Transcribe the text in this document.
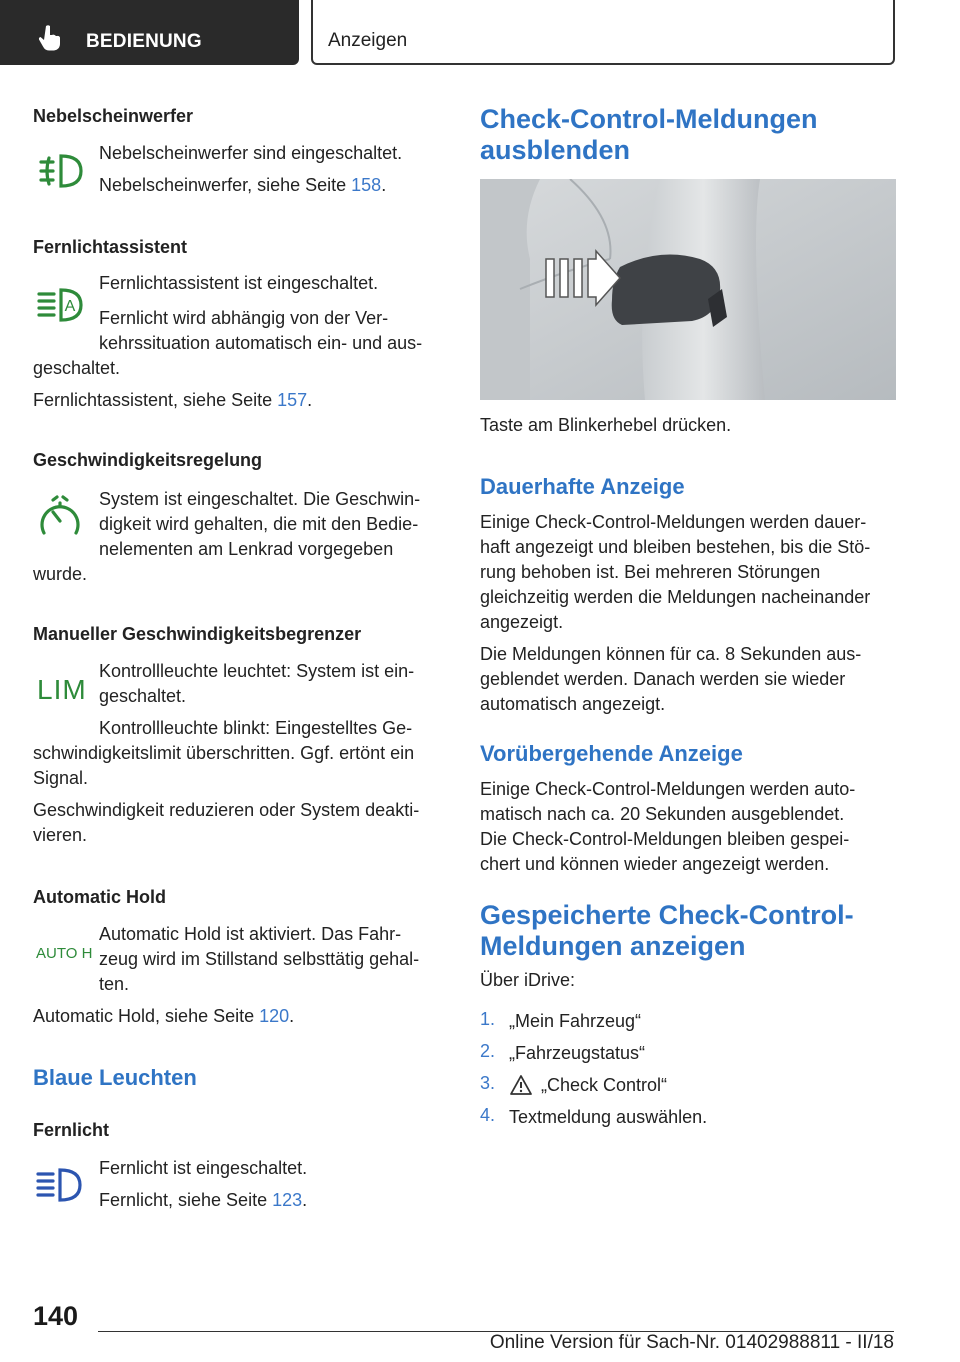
BEDIENUNG	Anzeigen
Nebelscheinwerfer
Nebelscheinwerfer sind eingeschaltet.
Nebelscheinwerfer, siehe Seite 158.
Fernlichtassistent
A
Fernlichtassistent ist eingeschaltet.
Fernlicht wird abhängig von der Ver‐
kehrssituation automatisch ein- und aus‐
geschaltet.
Fernlichtassistent, siehe Seite 157.
Geschwindigkeitsregelung
System ist eingeschaltet. Die Geschwin‐
digkeit wird gehalten, die mit den Bedie‐
nelementen am Lenkrad vorgegeben
wurde.
Manueller Geschwindigkeitsbegrenzer
LIM
Kontrollleuchte leuchtet: System ist ein‐
geschaltet.
Kontrollleuchte blinkt: Eingestelltes Ge‐
schwindigkeitslimit überschritten. Ggf. ertönt ein
Signal.
Geschwindigkeit reduzieren oder System deakti‐
vieren.
Automatic Hold
AUTO H
Automatic Hold ist aktiviert. Das Fahr‐
zeug wird im Stillstand selbsttätig gehal‐
ten.
Automatic Hold, siehe Seite 120.
Blaue Leuchten
Fernlicht
Fernlicht ist eingeschaltet.
Fernlicht, siehe Seite 123.
Check-Control-Meldungen
ausblenden
Taste am Blinkerhebel drücken.
Dauerhafte Anzeige
Einige Check-Control-Meldungen werden dauer‐
haft angezeigt und bleiben bestehen, bis die Stö‐
rung behoben ist. Bei mehreren Störungen
gleichzeitig werden die Meldungen nacheinander
angezeigt.
Die Meldungen können für ca. 8 Sekunden aus‐
geblendet werden. Danach werden sie wieder
automatisch angezeigt.
Vorübergehende Anzeige
Einige Check-Control-Meldungen werden auto‐
matisch nach ca. 20 Sekunden ausgeblendet.
Die Check-Control-Meldungen bleiben gespei‐
chert und können wieder angezeigt werden.
Gespeicherte Check-Control-
Meldungen anzeigen
Über iDrive:
1. „Mein Fahrzeug“
2. „Fahrzeugstatus“
3.	„Check Control“
4. Textmeldung auswählen.
140
Online Version für Sach-Nr. 01402988811 - II/18
